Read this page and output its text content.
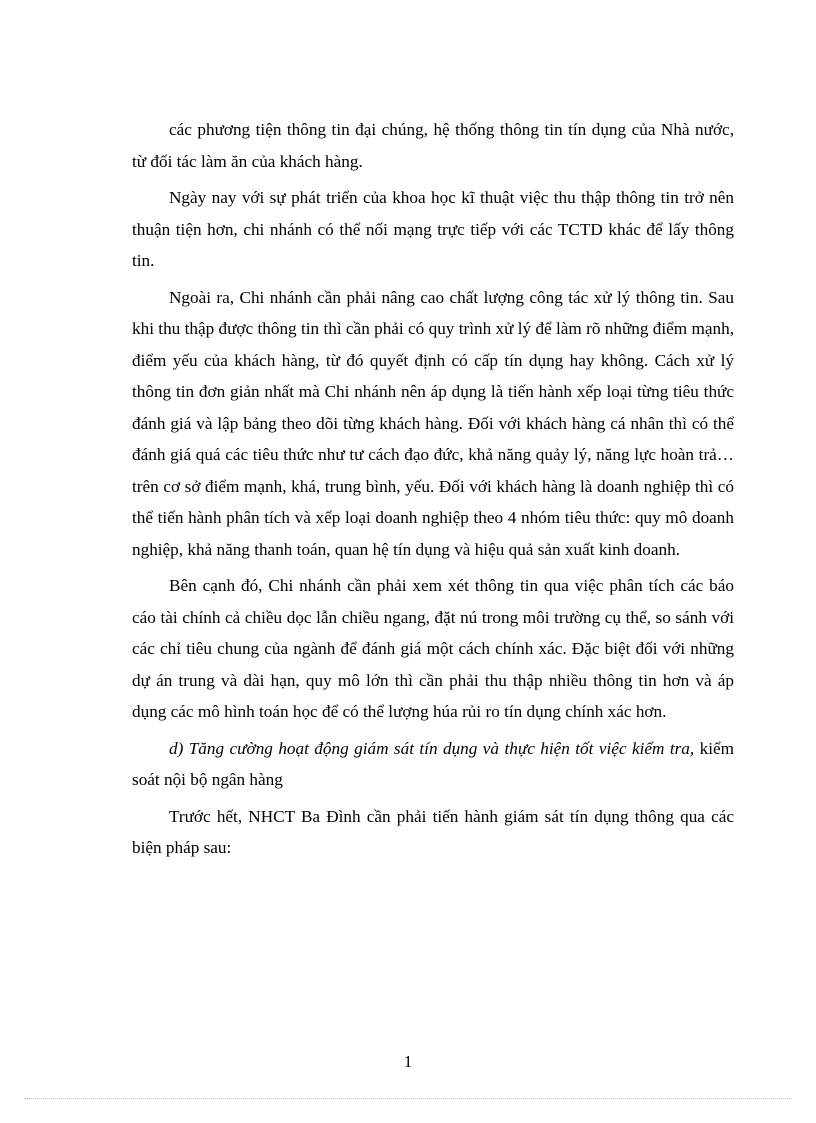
các phương tiện thông tin đại chúng, hệ thống thông tin tín dụng của Nhà nước, từ đối tác làm ăn của khách hàng.

Ngày nay với sự phát triển của khoa học kĩ thuật việc thu thập thông tin trở nên thuận tiện hơn, chi nhánh có thể nối mạng trực tiếp với các TCTD khác để lấy thông tin.

Ngoài ra, Chi nhánh cần phải nâng cao chất lượng công tác xử lý thông tin. Sau khi thu thập được thông tin thì cần phải có quy trình xử lý để làm rõ những điểm mạnh, điểm yếu của khách hàng, từ đó quyết định có cấp tín dụng hay không. Cách xử lý thông tin đơn giản nhất mà Chi nhánh nên áp dụng là tiến hành xếp loại từng tiêu thức đánh giá và lập bảng theo dõi từng khách hàng. Đối với khách hàng cá nhân thì có thể đánh giá quá các tiêu thức như tư cách đạo đức, khả năng quảy lý, năng lực hoàn trả… trên cơ sở điểm mạnh, khá, trung bình, yếu. Đối với khách hàng là doanh nghiệp thì có thể tiến hành phân tích và xếp loại doanh nghiệp theo 4 nhóm tiêu thức: quy mô doanh nghiệp, khả năng thanh toán, quan hệ tín dụng và hiệu quả sản xuất kinh doanh.

Bên cạnh đó, Chi nhánh cần phải xem xét thông tin qua việc phân tích các báo cáo tài chính cả chiều dọc lẫn chiều ngang, đặt nú trong môi trường cụ thể, so sánh với các chỉ tiêu chung của ngành để đánh giá một cách chính xác. Đặc biệt đối với những dự án trung và dài hạn, quy mô lớn thì cần phải thu thập nhiều thông tin hơn và áp dụng các mô hình toán học để có thể lượng húa rủi ro tín dụng chính xác hơn.

d) Tăng cường hoạt động giám sát tín dụng và thực hiện tốt việc kiểm tra, kiểm soát nội bộ ngân hàng

Trước hết, NHCT Ba Đình cần phải tiến hành giám sát tín dụng thông qua các biện pháp sau:

1
